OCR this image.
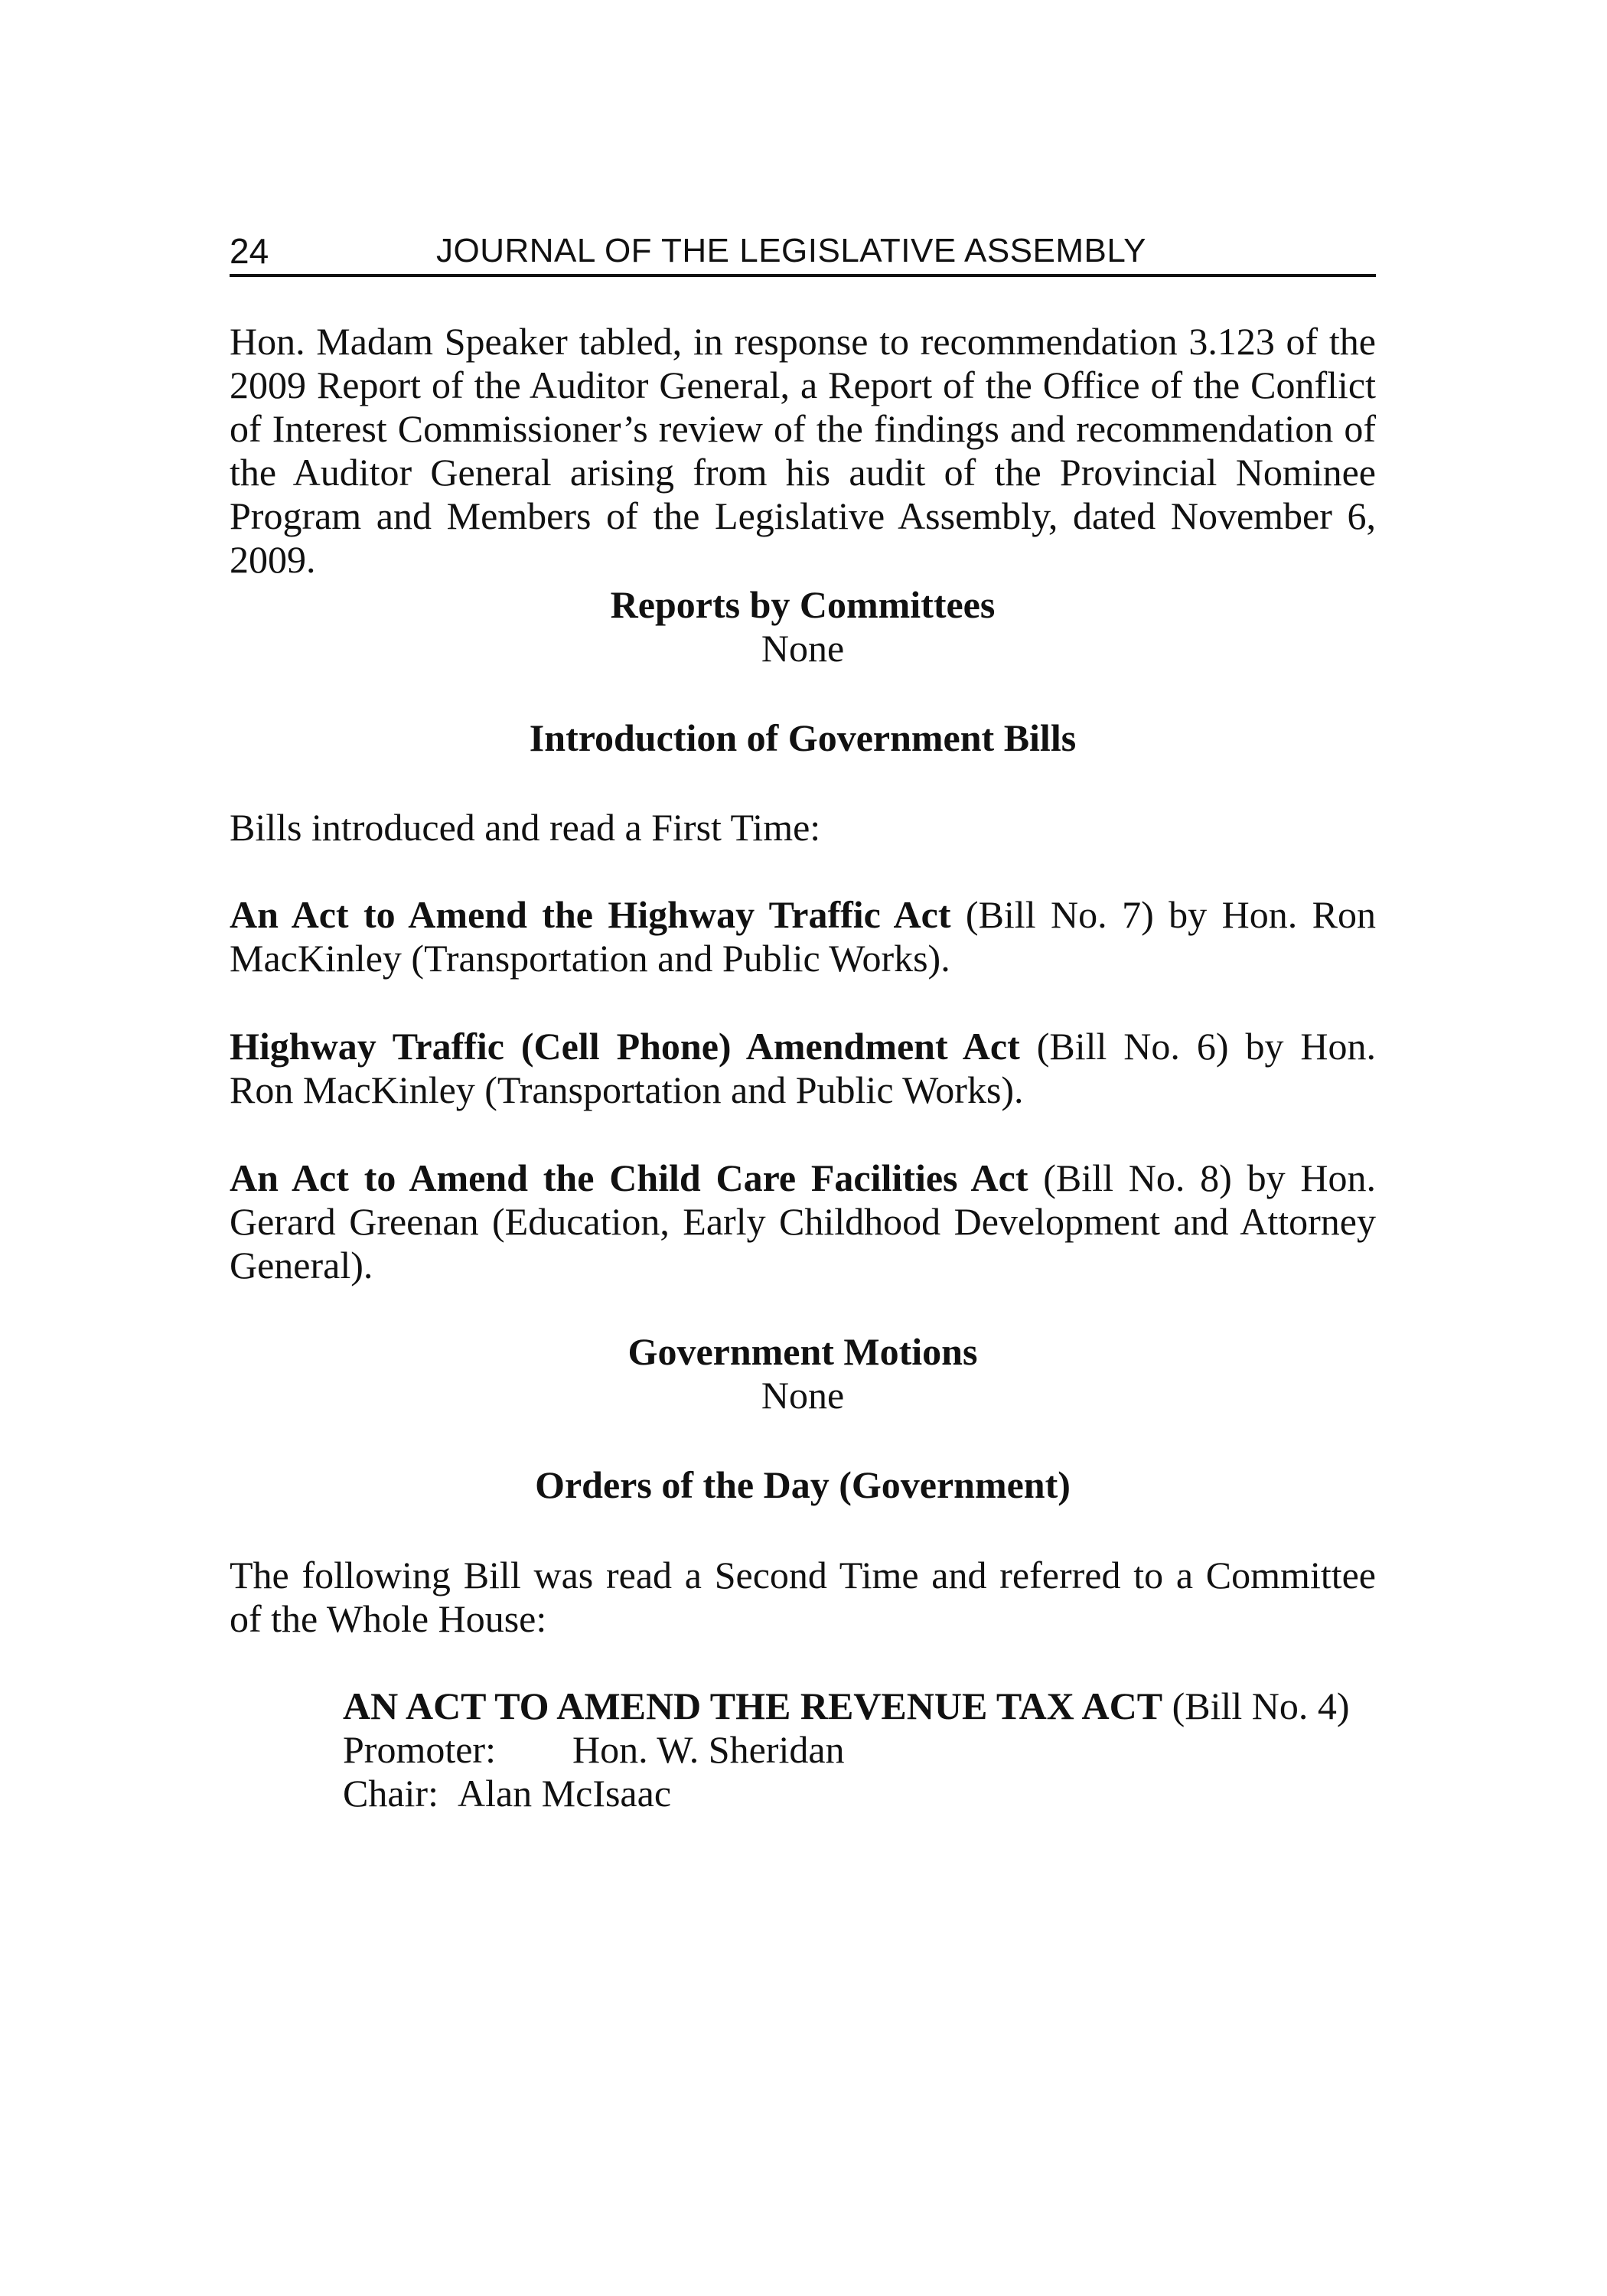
24	JOURNAL OF THE LEGISLATIVE ASSEMBLY

Hon. Madam Speaker tabled, in response to recommendation 3.123 of the 2009 Report of the Auditor General, a Report of the Office of the Conflict of Interest Commissioner’s review of the findings and recommendation of the Auditor General arising from his audit of the Provincial Nominee Program and Members of the Legislative Assembly, dated November 6, 2009.

Reports by Committees

None

Introduction of Government Bills

Bills introduced and read a First Time:

An Act to Amend the Highway Traffic Act (Bill No. 7) by Hon. Ron MacKinley (Transportation and Public Works).

Highway Traffic (Cell Phone) Amendment Act (Bill No. 6) by Hon. Ron MacKinley (Transportation and Public Works).

An Act to Amend the Child Care Facilities Act (Bill No. 8) by Hon. Gerard Greenan (Education, Early Childhood Development and Attorney General).

Government Motions

None

Orders of the Day (Government)

The following Bill was read a Second Time and referred to a Committee of the Whole House:

AN ACT TO AMEND THE REVENUE TAX ACT (Bill No. 4)
Promoter: Hon. W. Sheridan
Chair: Alan McIsaac
